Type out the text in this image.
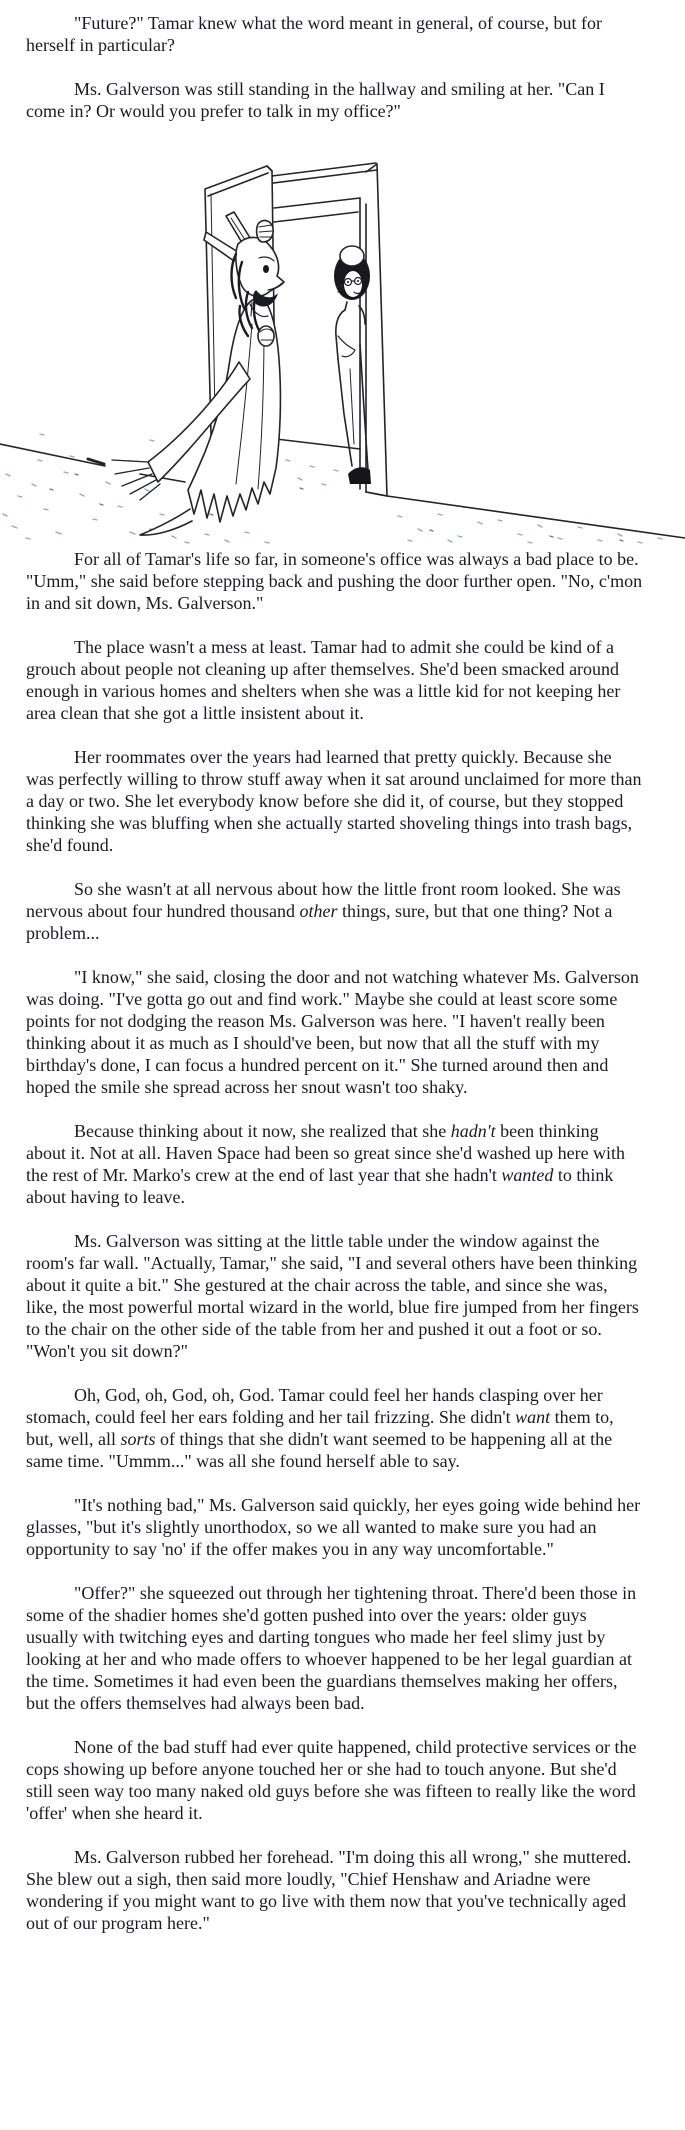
"Future?" Tamar knew what the word meant in general, of course, but for herself in particular?

Ms. Galverson was still standing in the hallway and smiling at her. "Can I come in? Or would you prefer to talk in my office?"

For all of Tamar's life so far, in someone's office was always a bad place to be. "Umm," she said before stepping back and pushing the door further open. "No, c'mon in and sit down, Ms. Galverson."

The place wasn't a mess at least. Tamar had to admit she could be kind of a grouch about people not cleaning up after themselves. She'd been smacked around enough in various homes and shelters when she was a little kid for not keeping her area clean that she got a little insistent about it.

Her roommates over the years had learned that pretty quickly. Because she was perfectly willing to throw stuff away when it sat around unclaimed for more than a day or two. She let everybody know before she did it, of course, but they stopped thinking she was bluffing when she actually started shoveling things into trash bags, she'd found.

So she wasn't at all nervous about how the little front room looked. She was nervous about four hundred thousand other things, sure, but that one thing? Not a problem...

"I know," she said, closing the door and not watching whatever Ms. Galverson was doing. "I've gotta go out and find work." Maybe she could at least score some points for not dodging the reason Ms. Galverson was here. "I haven't really been thinking about it as much as I should've been, but now that all the stuff with my birthday's done, I can focus a hundred percent on it." She turned around then and hoped the smile she spread across her snout wasn't too shaky.

Because thinking about it now, she realized that she hadn't been thinking about it. Not at all. Haven Space had been so great since she'd washed up here with the rest of Mr. Marko's crew at the end of last year that she hadn't wanted to think about having to leave.

Ms. Galverson was sitting at the little table under the window against the room's far wall. "Actually, Tamar," she said, "I and several others have been thinking about it quite a bit." She gestured at the chair across the table, and since she was, like, the most powerful mortal wizard in the world, blue fire jumped from her fingers to the chair on the other side of the table from her and pushed it out a foot or so. "Won't you sit down?"

Oh, God, oh, God, oh, God. Tamar could feel her hands clasping over her stomach, could feel her ears folding and her tail frizzing. She didn't want them to, but, well, all sorts of things that she didn't want seemed to be happening all at the same time. "Ummm..." was all she found herself able to say.

"It's nothing bad," Ms. Galverson said quickly, her eyes going wide behind her glasses, "but it's slightly unorthodox, so we all wanted to make sure you had an opportunity to say 'no' if the offer makes you in any way uncomfortable."

"Offer?" she squeezed out through her tightening throat. There'd been those in some of the shadier homes she'd gotten pushed into over the years: older guys usually with twitching eyes and darting tongues who made her feel slimy just by looking at her and who made offers to whoever happened to be her legal guardian at the time. Sometimes it had even been the guardians themselves making her offers, but the offers themselves had always been bad.

None of the bad stuff had ever quite happened, child protective services or the cops showing up before anyone touched her or she had to touch anyone. But she'd still seen way too many naked old guys before she was fifteen to really like the word 'offer' when she heard it.

Ms. Galverson rubbed her forehead. "I'm doing this all wrong," she muttered. She blew out a sigh, then said more loudly, "Chief Henshaw and Ariadne were wondering if you might want to go live with them now that you've technically aged out of our program here."
